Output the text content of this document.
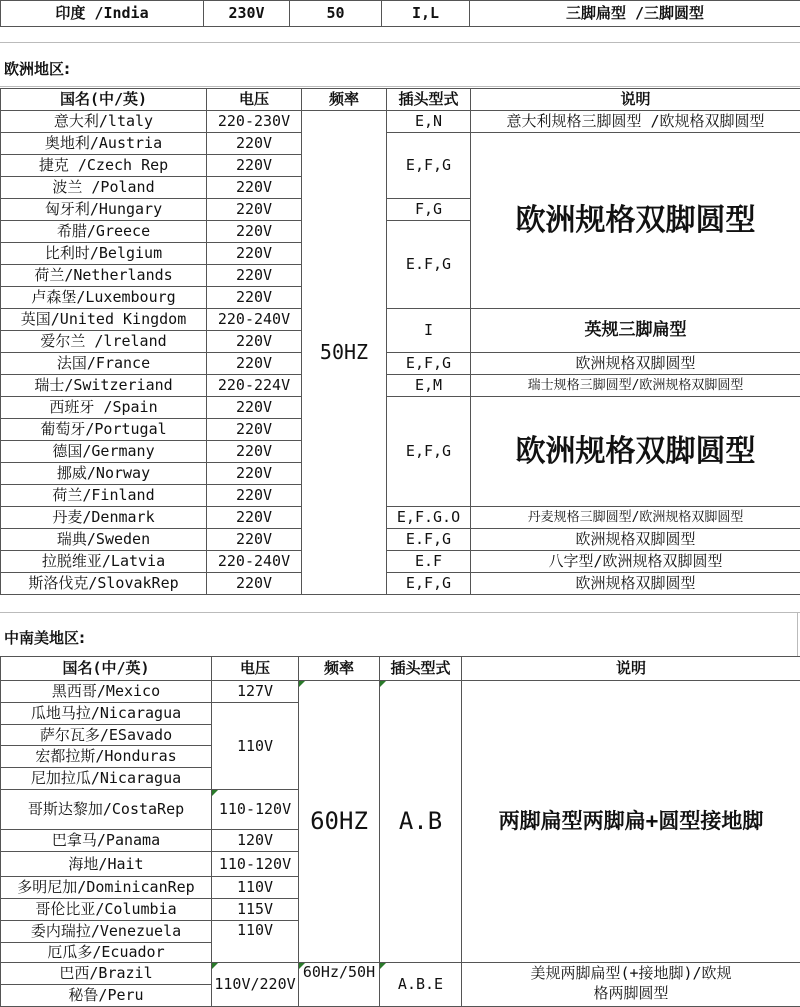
印度 /India	230V	50	I,L	三脚扁型 /三脚圆型
欧洲地区:
国名(中/英)	电压	频率	插头型式	说明
意大利/ltaly	220-230V	50HZ	E,N	意大利规格三脚圆型 /欧规格双脚圆型
奥地利/Austria	220V		E,F,G	欧洲规格双脚圆型
捷克 /Czech Rep	220V			
波兰 /Poland	220V			
匈牙利/Hungary	220V		F,G	
希腊/Greece	220V		E.F,G	
比利时/Belgium	220V			
荷兰/Netherlands	220V			
卢森堡/Luxembourg	220V			
英国/United Kingdom	220-240V		I	英规三脚扁型
爱尔兰 /lreland	220V			
法国/France	220V		E,F,G	欧洲规格双脚圆型
瑞士/Switzeriand	220-224V		E,M	瑞士规格三脚圆型/欧洲规格双脚圆型
西班牙 /Spain	220V		E,F,G	欧洲规格双脚圆型
葡萄牙/Portugal	220V			
德国/Germany	220V			
挪威/Norway	220V			
荷兰/Finland	220V			
丹麦/Denmark	220V		E,F.G.O	丹麦规格三脚圆型/欧洲规格双脚圆型
瑞典/Sweden	220V		E.F,G	欧洲规格双脚圆型
拉脱维亚/Latvia	220-240V		E.F	八字型/欧洲规格双脚圆型
斯洛伐克/SlovakRep	220V		E,F,G	欧洲规格双脚圆型
中南美地区:
国名(中/英)	电压	频率	插头型式	说明
黑西哥/Mexico	127V	60HZ	A.B	两脚扁型两脚扁+圆型接地脚
瓜地马拉/Nicaragua	110V			
萨尔瓦多/ESavado				
宏都拉斯/Honduras				
尼加拉瓜/Nicaragua				
哥斯达黎加/CostaRep	110-120V			
巴拿马/Panama	120V			
海地/Hait	110-120V			
多明尼加/DominicanRep	110V			
哥伦比亚/Columbia	115V			
委内瑞拉/Venezuela	110V			
厄瓜多/Ecuador				
巴西/Brazil	110V/220V	60Hz/50H	A.B.E	美规两脚扁型(+接地脚)/欧规
格两脚圆型
秘鲁/Peru				
